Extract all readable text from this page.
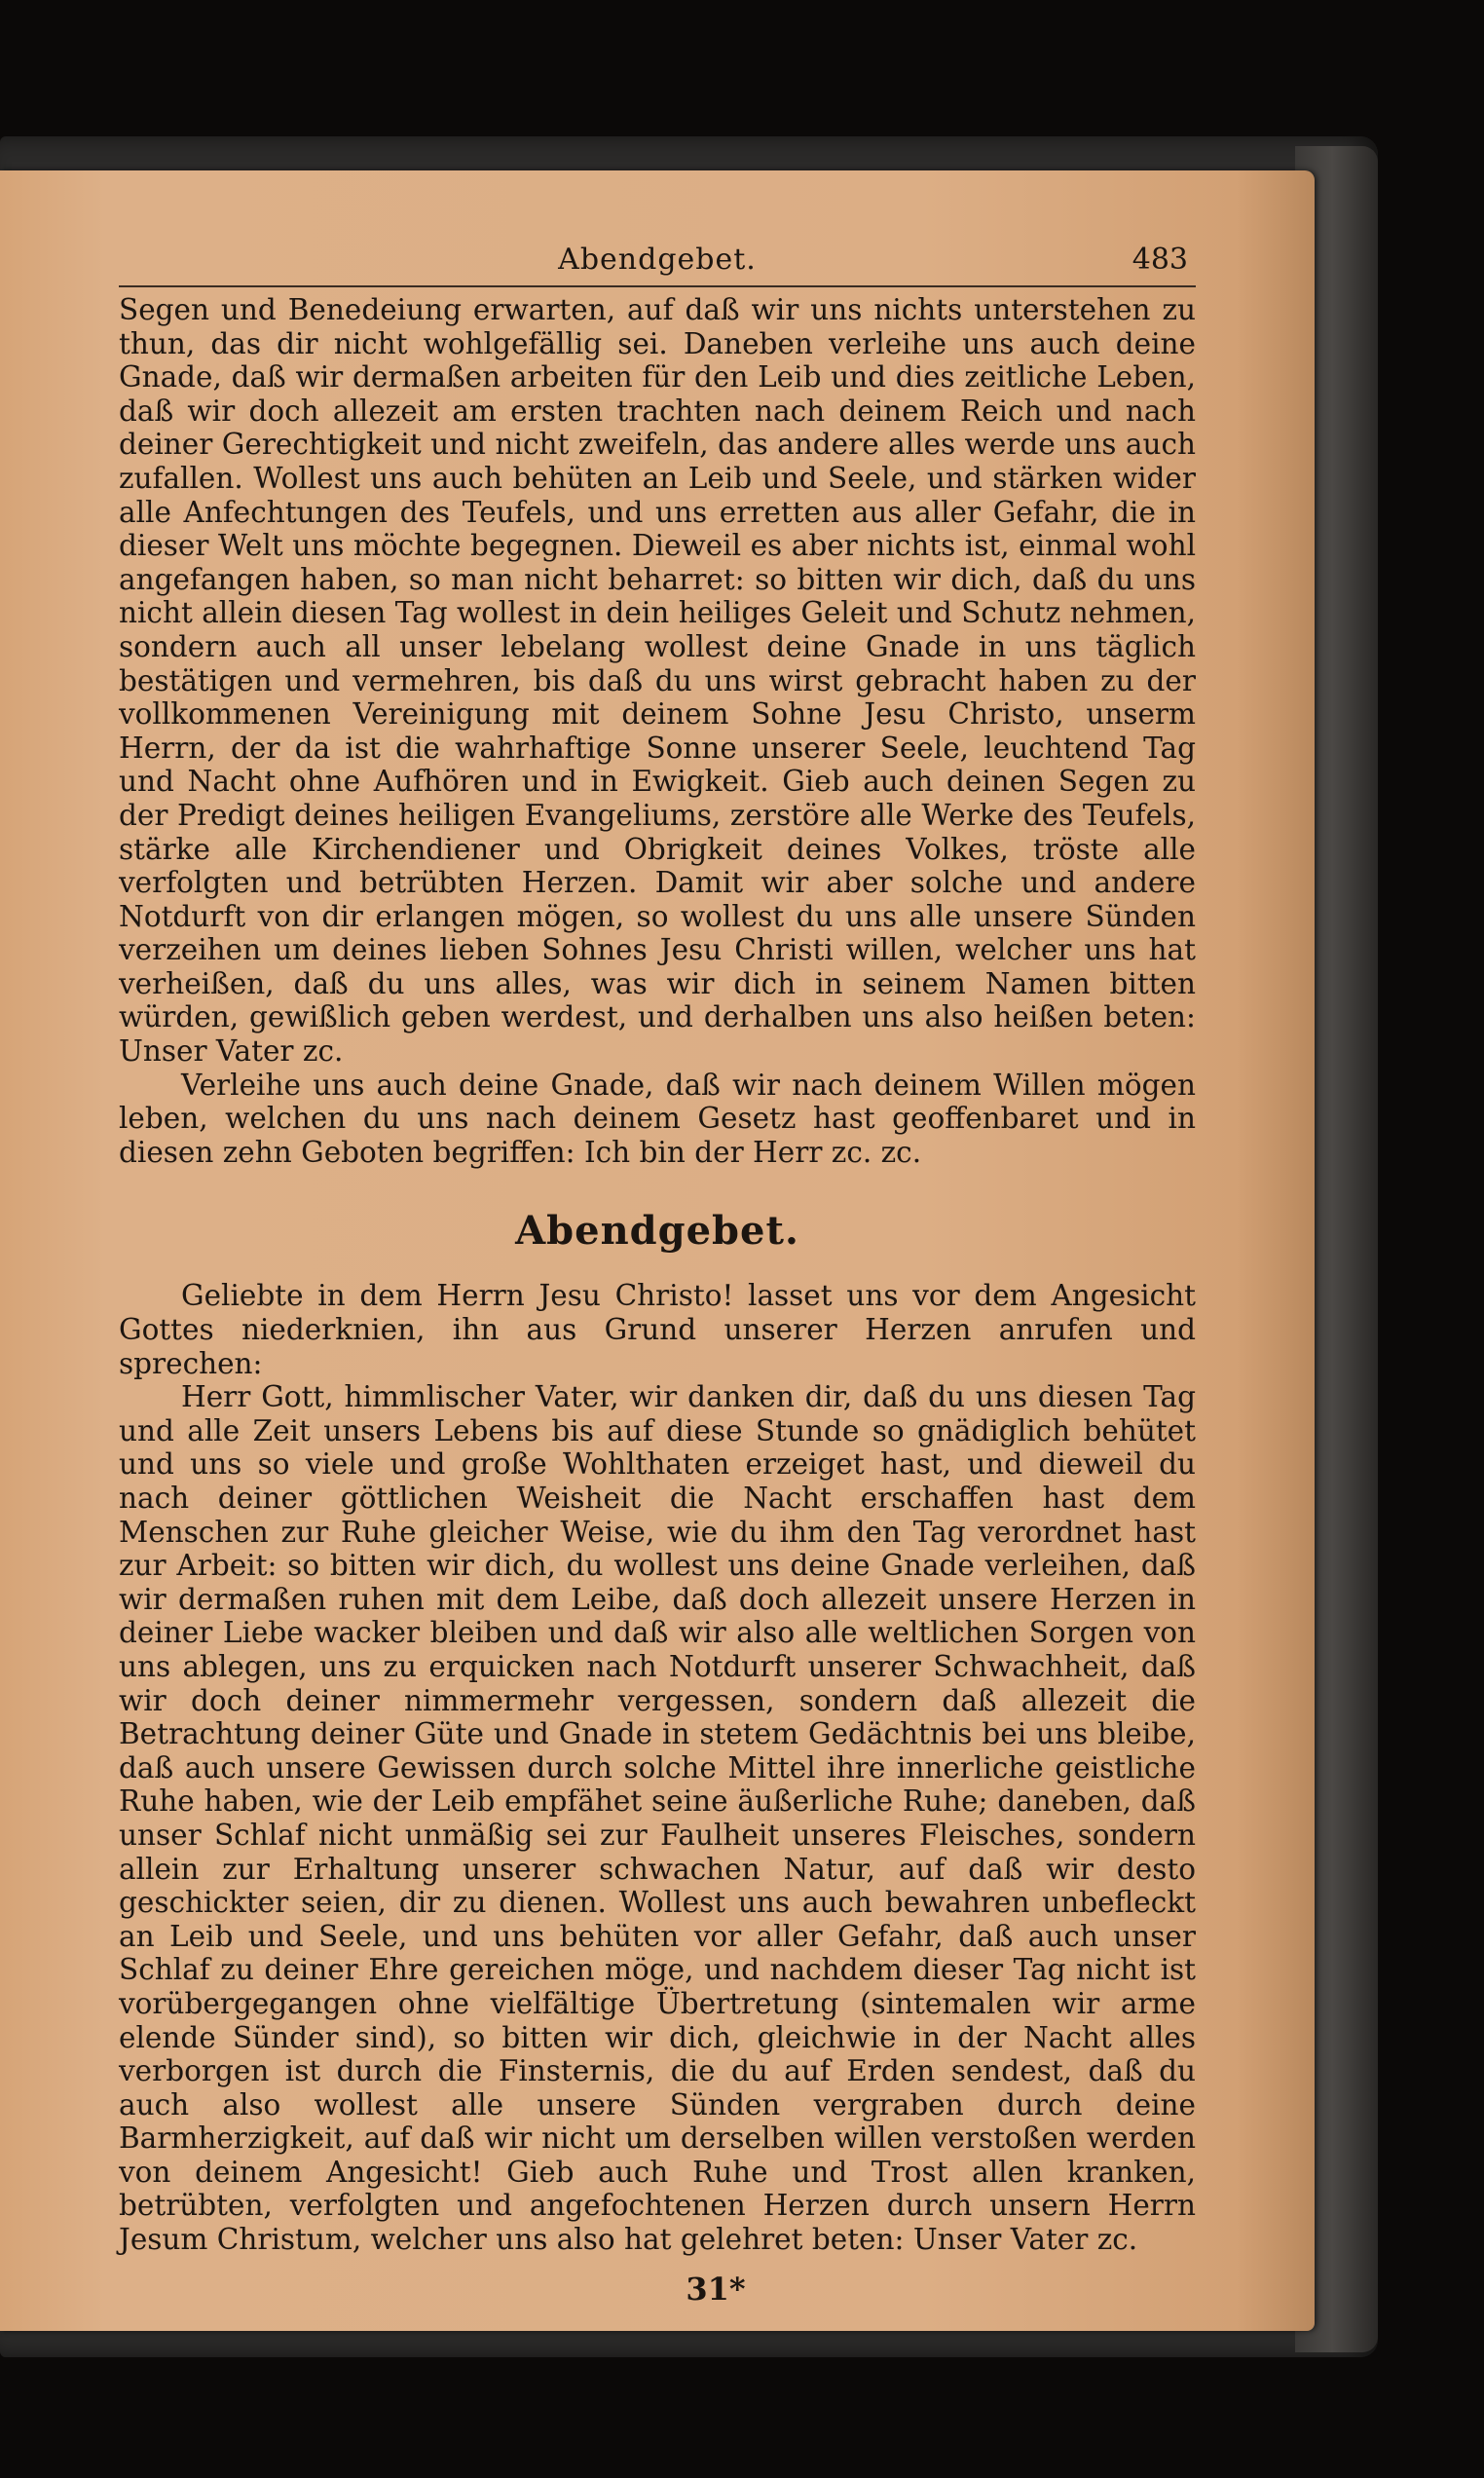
Abendgebet.	483

Segen und Benedeiung erwarten, auf daß wir uns nichts unterstehen zu thun, das dir nicht wohlgefällig sei. Daneben verleihe uns auch deine Gnade, daß wir dermaßen arbeiten für den Leib und dies zeitliche Leben, daß wir doch allezeit am ersten trachten nach deinem Reich und nach deiner Gerechtigkeit und nicht zweifeln, das andere alles werde uns auch zufallen. Wollest uns auch behüten an Leib und Seele, und stärken wider alle Anfechtungen des Teufels, und uns erretten aus aller Gefahr, die in dieser Welt uns möchte begegnen. Dieweil es aber nichts ist, einmal wohl angefangen haben, so man nicht beharret: so bitten wir dich, daß du uns nicht allein diesen Tag wollest in dein heiliges Geleit und Schutz nehmen, sondern auch all unser lebelang wollest deine Gnade in uns täglich bestätigen und vermehren, bis daß du uns wirst gebracht haben zu der vollkommenen Vereinigung mit deinem Sohne Jesu Christo, unserm Herrn, der da ist die wahrhaftige Sonne unserer Seele, leuchtend Tag und Nacht ohne Aufhören und in Ewigkeit. Gieb auch deinen Segen zu der Predigt deines heiligen Evangeliums, zerstöre alle Werke des Teufels, stärke alle Kirchendiener und Obrigkeit deines Volkes, tröste alle verfolgten und betrübten Herzen. Damit wir aber solche und andere Notdurft von dir erlangen mögen, so wollest du uns alle unsere Sünden verzeihen um deines lieben Sohnes Jesu Christi willen, welcher uns hat verheißen, daß du uns alles, was wir dich in seinem Namen bitten würden, gewißlich geben werdest, und derhalben uns also heißen beten: Unser Vater zc.

Verleihe uns auch deine Gnade, daß wir nach deinem Willen mögen leben, welchen du uns nach deinem Gesetz hast geoffenbaret und in diesen zehn Geboten begriffen: Ich bin der Herr zc. zc.

Abendgebet.

Geliebte in dem Herrn Jesu Christo! lasset uns vor dem Angesicht Gottes niederknien, ihn aus Grund unserer Herzen anrufen und sprechen:

Herr Gott, himmlischer Vater, wir danken dir, daß du uns diesen Tag und alle Zeit unsers Lebens bis auf diese Stunde so gnädiglich behütet und uns so viele und große Wohlthaten erzeiget hast, und dieweil du nach deiner göttlichen Weisheit die Nacht erschaffen hast dem Menschen zur Ruhe gleicher Weise, wie du ihm den Tag verordnet hast zur Arbeit: so bitten wir dich, du wollest uns deine Gnade verleihen, daß wir dermaßen ruhen mit dem Leibe, daß doch allezeit unsere Herzen in deiner Liebe wacker bleiben und daß wir also alle weltlichen Sorgen von uns ablegen, uns zu erquicken nach Notdurft unserer Schwachheit, daß wir doch deiner nimmermehr vergessen, sondern daß allezeit die Betrachtung deiner Güte und Gnade in stetem Gedächtnis bei uns bleibe, daß auch unsere Gewissen durch solche Mittel ihre innerliche geistliche Ruhe haben, wie der Leib empfähet seine äußerliche Ruhe; daneben, daß unser Schlaf nicht unmäßig sei zur Faulheit unseres Fleisches, sondern allein zur Erhaltung unserer schwachen Natur, auf daß wir desto geschickter seien, dir zu dienen. Wollest uns auch bewahren unbefleckt an Leib und Seele, und uns behüten vor aller Gefahr, daß auch unser Schlaf zu deiner Ehre gereichen möge, und nachdem dieser Tag nicht ist vorübergegangen ohne vielfältige Übertretung (sintemalen wir arme elende Sünder sind), so bitten wir dich, gleichwie in der Nacht alles verborgen ist durch die Finsternis, die du auf Erden sendest, daß du auch also wollest alle unsere Sünden vergraben durch deine Barmherzigkeit, auf daß wir nicht um derselben willen verstoßen werden von deinem Angesicht! Gieb auch Ruhe und Trost allen kranken, betrübten, verfolgten und angefochtenen Herzen durch unsern Herrn Jesum Christum, welcher uns also hat gelehret beten: Unser Vater zc.

31*
